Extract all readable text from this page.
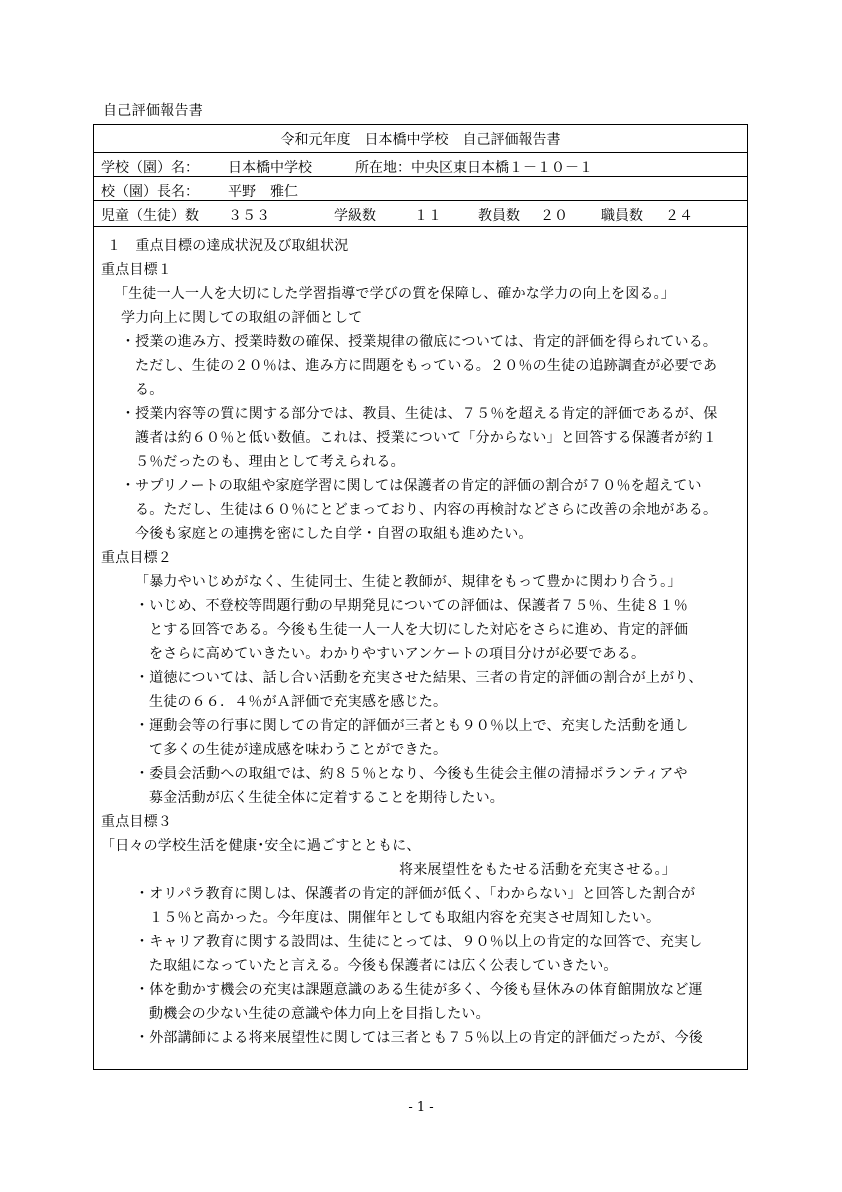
自己評価報告書
令和元年度　日本橋中学校　自己評価報告書
学校（園）名： 日本橋中学校	所在地：中央区東日本橋１－１０－１
校（園）長名： 平野　雅仁
児童（生徒）数 ３５３	学級数	１１	教員数 ２０ 職員数 ２４
１　重点目標の達成状況及び取組状況
重点目標１
「生徒一人一人を大切にした学習指導で学びの質を保障し、確かな学力の向上を図る。」
学力向上に関しての取組の評価として
・授業の進み方、授業時数の確保、授業規律の徹底については、肯定的評価を得られている。
ただし、生徒の２０％は、進み方に問題をもっている。２０％の生徒の追跡調査が必要であ
る。
・授業内容等の質に関する部分では、教員、生徒は、７５％を超える肯定的評価であるが、保
護者は約６０％と低い数値。これは、授業について「分からない」と回答する保護者が約１
５％だったのも、理由として考えられる。
・サプリノートの取組や家庭学習に関しては保護者の肯定的評価の割合が７０％を超えてい
る。ただし、生徒は６０％にとどまっており、内容の再検討などさらに改善の余地がある。
今後も家庭との連携を密にした自学・自習の取組も進めたい。
重点目標２
「暴力やいじめがなく、生徒同士、生徒と教師が、規律をもって豊かに関わり合う。」
・いじめ、不登校等問題行動の早期発見についての評価は、保護者７５％、生徒８１％
とする回答である。今後も生徒一人一人を大切にした対応をさらに進め、肯定的評価
をさらに高めていきたい。わかりやすいアンケートの項目分けが必要である。
・道徳については、話し合い活動を充実させた結果、三者の肯定的評価の割合が上がり、
生徒の６６．４％がＡ評価で充実感を感じた。
・運動会等の行事に関しての肯定的評価が三者とも９０％以上で、充実した活動を通し
て多くの生徒が達成感を味わうことができた。
・委員会活動への取組では、約８５％となり、今後も生徒会主催の清掃ボランティアや
募金活動が広く生徒全体に定着することを期待したい。
重点目標３
「日々の学校生活を健康･安全に過ごすとともに、
将来展望性をもたせる活動を充実させる。」
・オリパラ教育に関しは、保護者の肯定的評価が低く、「わからない」と回答した割合が
１５％と高かった。今年度は、開催年としても取組内容を充実させ周知したい。
・キャリア教育に関する設問は、生徒にとっては、９０％以上の肯定的な回答で、充実し
た取組になっていたと言える。今後も保護者には広く公表していきたい。
・体を動かす機会の充実は課題意識のある生徒が多く、今後も昼休みの体育館開放など運
動機会の少ない生徒の意識や体力向上を目指したい。
・外部講師による将来展望性に関しては三者とも７５％以上の肯定的評価だったが、今後
- 1 -
